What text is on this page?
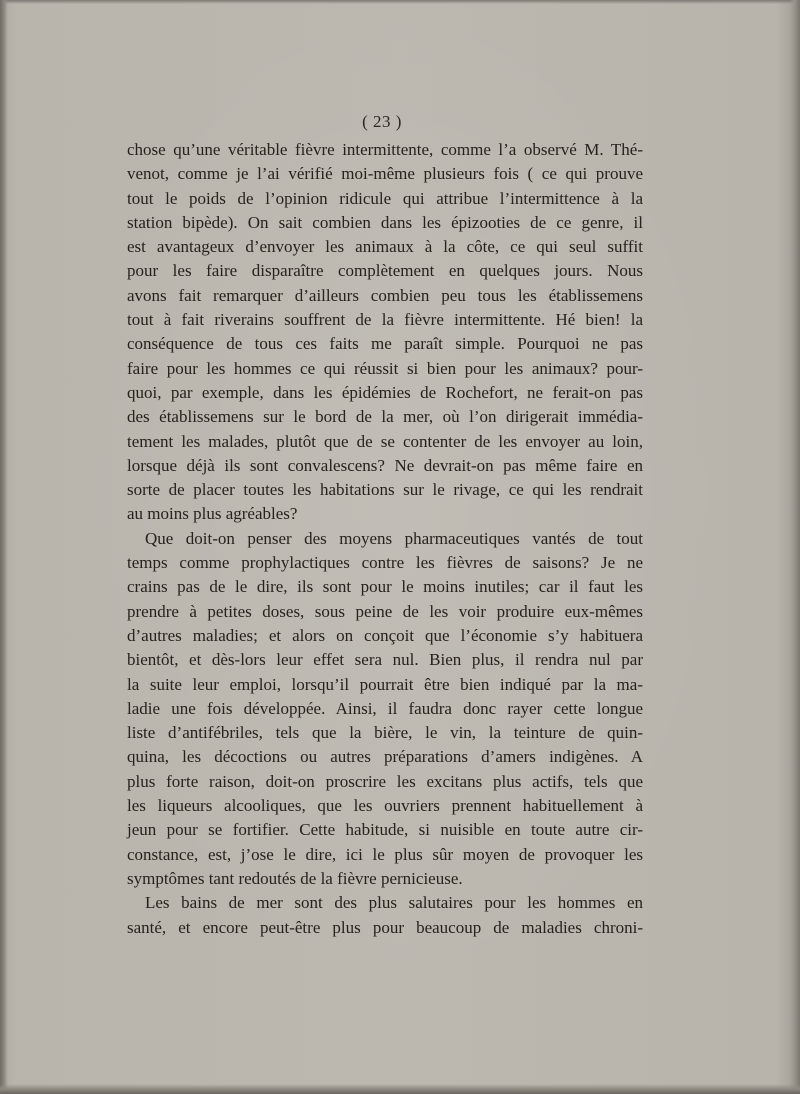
( 23 )
chose qu’une véritable fièvre intermittente, comme l’a observé M. Thé-
venot, comme je l’ai vérifié moi-même plusieurs fois ( ce qui prouve
tout le poids de l’opinion ridicule qui attribue l’intermittence à la
station bipède). On sait combien dans les épizooties de ce genre, il
est avantageux d’envoyer les animaux à la côte, ce qui seul suffit
pour les faire disparaître complètement en quelques jours. Nous
avons fait remarquer d’ailleurs combien peu tous les établissemens
tout à fait riverains souffrent de la fièvre intermittente. Hé bien! la
conséquence de tous ces faits me paraît simple. Pourquoi ne pas
faire pour les hommes ce qui réussit si bien pour les animaux? pour-
quoi, par exemple, dans les épidémies de Rochefort, ne ferait-on pas
des établissemens sur le bord de la mer, où l’on dirigerait immédia-
tement les malades, plutôt que de se contenter de les envoyer au loin,
lorsque déjà ils sont convalescens? Ne devrait-on pas même faire en
sorte de placer toutes les habitations sur le rivage, ce qui les rendrait
au moins plus agréables?
Que doit-on penser des moyens pharmaceutiques vantés de tout
temps comme prophylactiques contre les fièvres de saisons? Je ne
crains pas de le dire, ils sont pour le moins inutiles; car il faut les
prendre à petites doses, sous peine de les voir produire eux-mêmes
d’autres maladies; et alors on conçoit que l’économie s’y habituera
bientôt, et dès-lors leur effet sera nul. Bien plus, il rendra nul par
la suite leur emploi, lorsqu’il pourrait être bien indiqué par la ma-
ladie une fois développée. Ainsi, il faudra donc rayer cette longue
liste d’antifébriles, tels que la bière, le vin, la teinture de quin-
quina, les décoctions ou autres préparations d’amers indigènes. A
plus forte raison, doit-on proscrire les excitans plus actifs, tels que
les liqueurs alcooliques, que les ouvriers prennent habituellement à
jeun pour se fortifier. Cette habitude, si nuisible en toute autre cir-
constance, est, j’ose le dire, ici le plus sûr moyen de provoquer les
symptômes tant redoutés de la fièvre pernicieuse.
Les bains de mer sont des plus salutaires pour les hommes en
santé, et encore peut-être plus pour beaucoup de maladies chroni-
